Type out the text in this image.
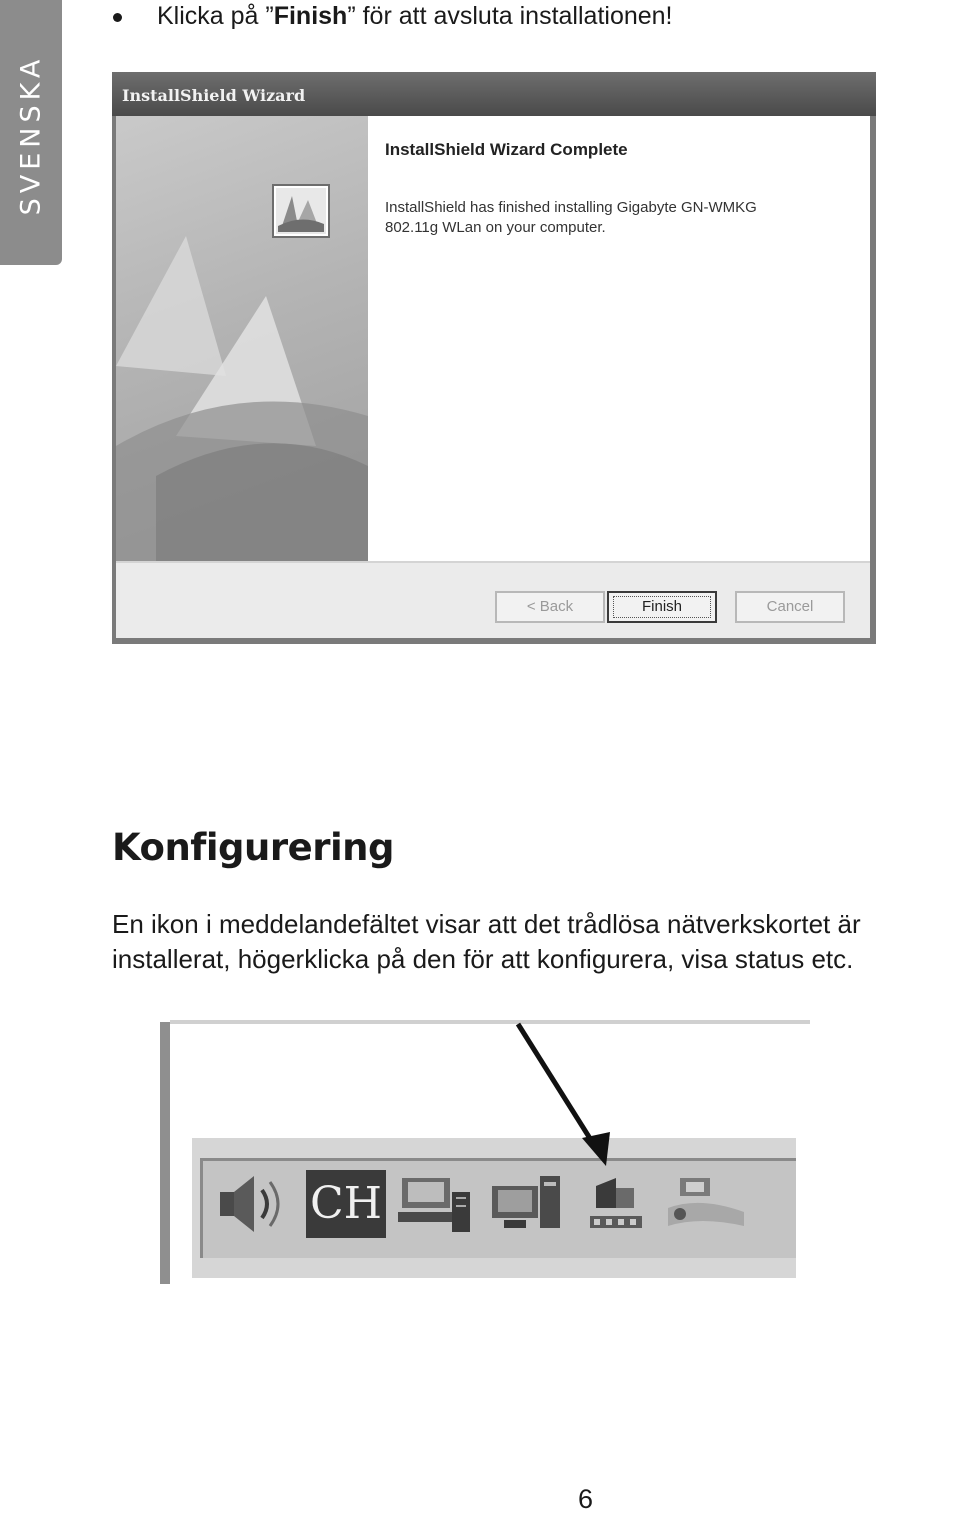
SVENSKA
Klicka på ”Finish” för att avsluta installationen!
InstallShield Wizard
InstallShield Wizard Complete
InstallShield has finished installing Gigabyte GN-WMKG 802.11g WLan on your computer.
< Back	Finish	Cancel
Konfigurering
En ikon i meddelandefältet visar att det trådlösa nätverkskortet är installerat, högerklicka på den för att konfigurera, visa status etc.
CH
6
